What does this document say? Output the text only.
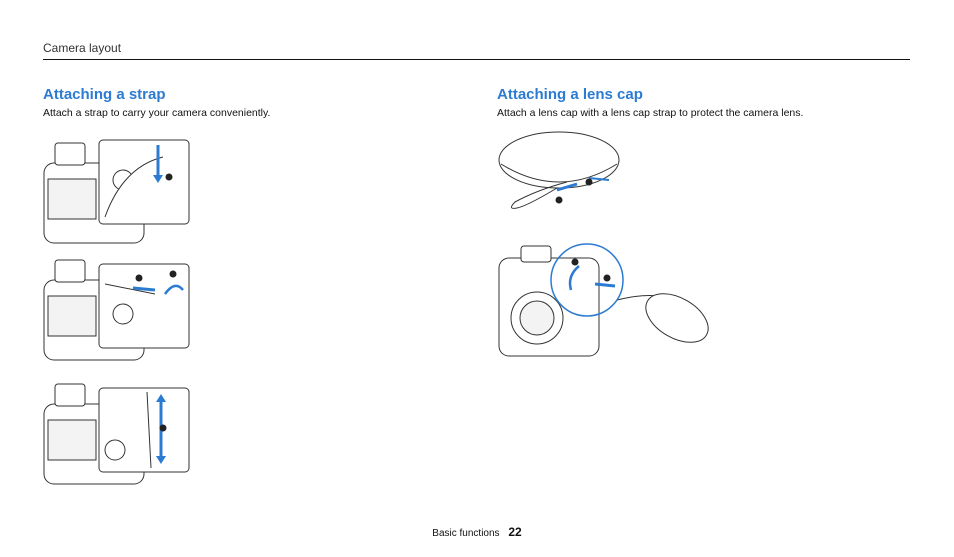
Camera layout
Attaching a strap

Attach a strap to carry your camera conveniently.

Attaching a lens cap

Attach a lens cap with a lens cap strap to protect the camera lens.

Basic functions 22
